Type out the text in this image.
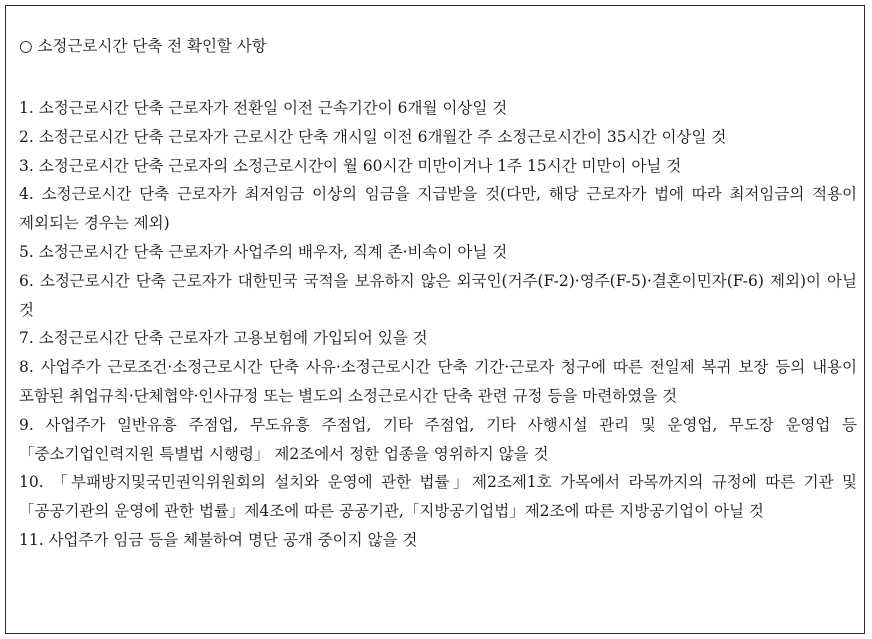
○ 소정근로시간 단축 전 확인할 사항
1. 소정근로시간 단축 근로자가 전환일 이전 근속기간이 6개월 이상일 것
2. 소정근로시간 단축 근로자가 근로시간 단축 개시일 이전 6개월간 주 소정근로시간이 35시간 이상일 것
3. 소정근로시간 단축 근로자의 소정근로시간이 월 60시간 미만이거나 1주 15시간 미만이 아닐 것
4. 소정근로시간 단축 근로자가 최저임금 이상의 임금을 지급받을 것(다만, 해당 근로자가 법에 따라 최저임금의 적용이 제외되는 경우는 제외)
5. 소정근로시간 단축 근로자가 사업주의 배우자, 직계 존·비속이 아닐 것
6. 소정근로시간 단축 근로자가 대한민국 국적을 보유하지 않은 외국인(거주(F-2)·영주(F-5)·결혼이민자(F-6) 제외)이 아닐 것
7. 소정근로시간 단축 근로자가 고용보험에 가입되어 있을 것
8. 사업주가 근로조건·소정근로시간 단축 사유·소정근로시간 단축 기간·근로자 청구에 따른 전일제 복귀 보장 등의 내용이 포함된 취업규칙·단체협약·인사규정 또는 별도의 소정근로시간 단축 관련 규정 등을 마련하였을 것
9. 사업주가 일반유흥 주점업, 무도유흥 주점업, 기타 주점업, 기타 사행시설 관리 및 운영업, 무도장 운영업 등「중소기업인력지원 특별법 시행령」 제2조에서 정한 업종을 영위하지 않을 것
10. 「부패방지및국민권익위원회의 설치와 운영에 관한 법률」제2조제1호 가목에서 라목까지의 규정에 따른 기관 및「공공기관의 운영에 관한 법률」제4조에 따른 공공기관,「지방공기업법」제2조에 따른 지방공기업이 아닐 것
11. 사업주가 임금 등을 체불하여 명단 공개 중이지 않을 것
